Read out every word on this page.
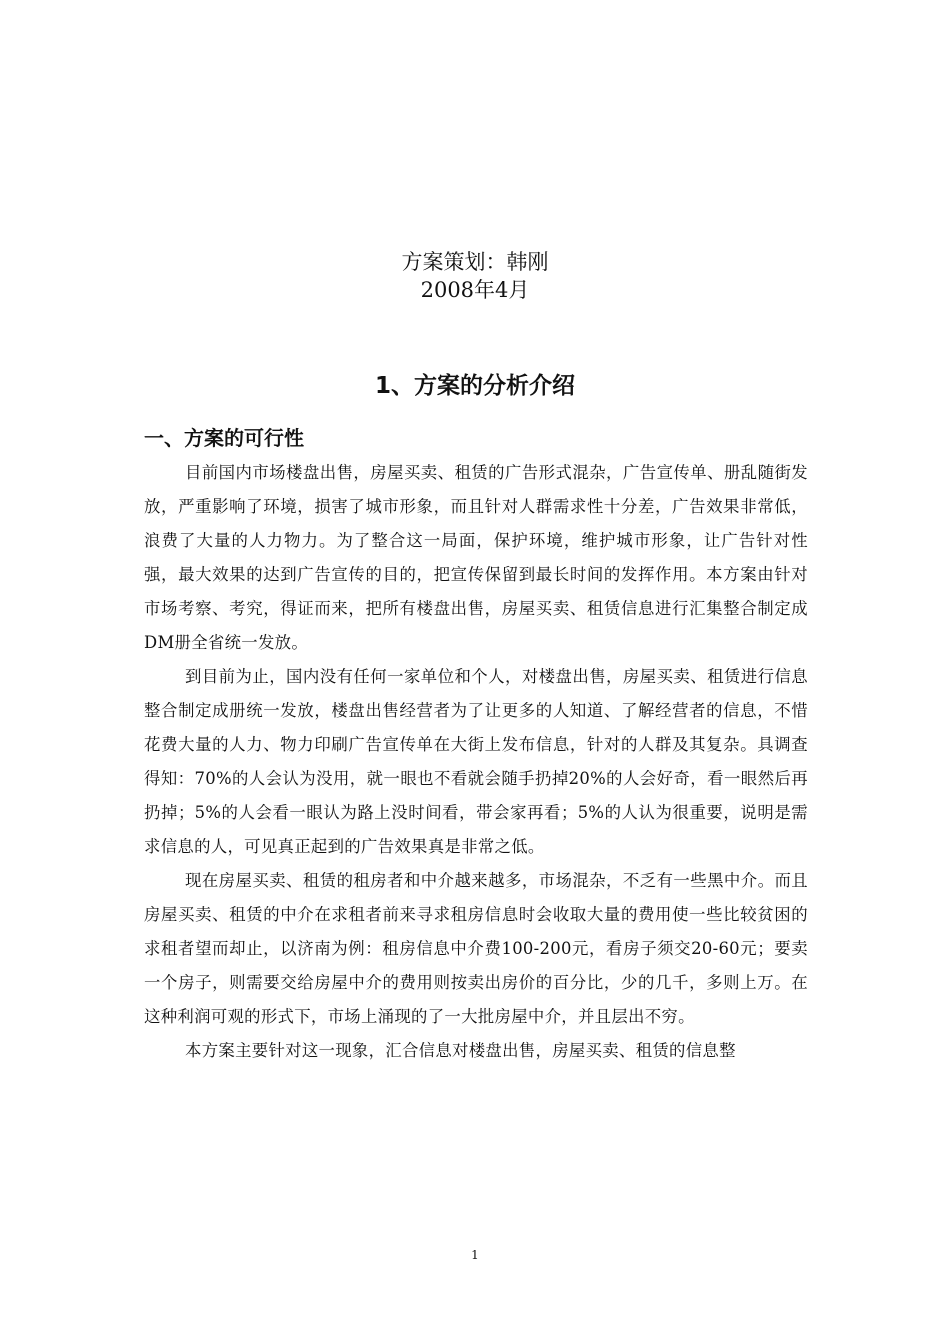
方案策划：韩刚
2008年4月
1、方案的分析介绍
一、方案的可行性

目前国内市场楼盘出售，房屋买卖、租赁的广告形式混杂，广告宣传单、册乱随街发放，严重影响了环境，损害了城市形象，而且针对人群需求性十分差，广告效果非常低，浪费了大量的人力物力。为了整合这一局面，保护环境，维护城市形象，让广告针对性强，最大效果的达到广告宣传的目的，把宣传保留到最长时间的发挥作用。本方案由针对市场考察、考究，得证而来，把所有楼盘出售，房屋买卖、租赁信息进行汇集整合制定成DM册全省统一发放。

到目前为止，国内没有任何一家单位和个人，对楼盘出售，房屋买卖、租赁进行信息整合制定成册统一发放，楼盘出售经营者为了让更多的人知道、了解经营者的信息，不惜花费大量的人力、物力印刷广告宣传单在大街上发布信息，针对的人群及其复杂。具调查得知：70%的人会认为没用，就一眼也不看就会随手扔掉20%的人会好奇，看一眼然后再扔掉；5%的人会看一眼认为路上没时间看，带会家再看；5%的人认为很重要，说明是需求信息的人，可见真正起到的广告效果真是非常之低。

现在房屋买卖、租赁的租房者和中介越来越多，市场混杂，不乏有一些黑中介。而且房屋买卖、租赁的中介在求租者前来寻求租房信息时会收取大量的费用使一些比较贫困的求租者望而却止，以济南为例：租房信息中介费100-200元，看房子须交20-60元；要卖一个房子，则需要交给房屋中介的费用则按卖出房价的百分比，少的几千，多则上万。在这种利润可观的形式下，市场上涌现的了一大批房屋中介，并且层出不穷。

本方案主要针对这一现象，汇合信息对楼盘出售，房屋买卖、租赁的信息整

1
